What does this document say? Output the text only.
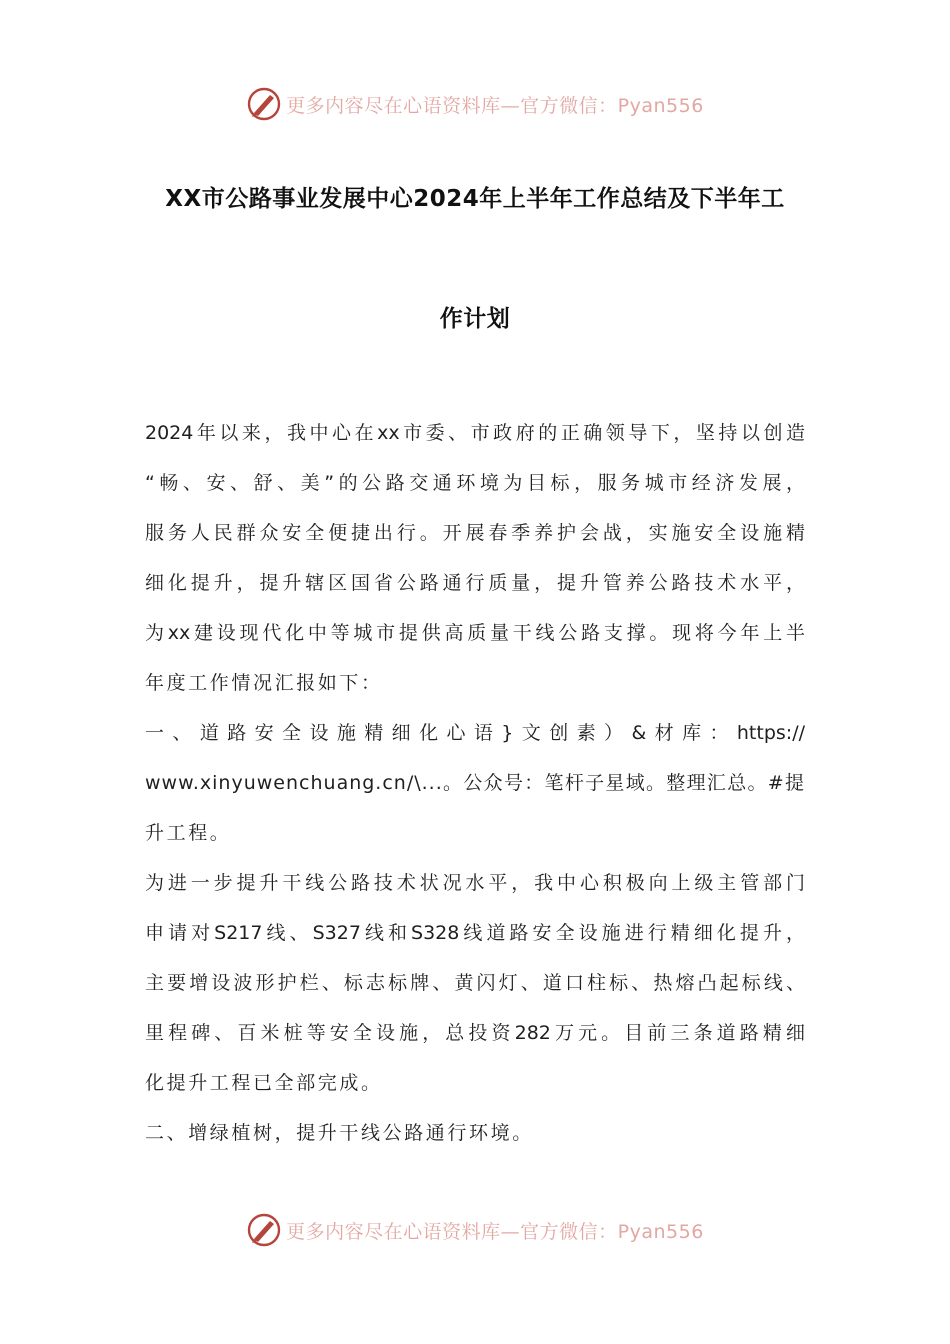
更多内容尽在心语资料库—官方微信：Pyan556
XX市公路事业发展中心2024年上半年工作总结及下半年工
作计划
2024年以来，我中心在xx市委、市政府的正确领导下，坚持以创造
“畅、安、舒、美”的公路交通环境为目标，服务城市经济发展，
服务人民群众安全便捷出行。开展春季养护会战，实施安全设施精
细化提升，提升辖区国省公路通行质量，提升管养公路技术水平，
为xx建设现代化中等城市提供高质量干线公路支撑。现将今年上半
年度工作情况汇报如下：
一、道路安全设施精细化心语}文创素）&材库：https://
www.xinyuwenchuang.cn/\...。公众号：笔杆子星域。整理汇总。#提
升工程。
为进一步提升干线公路技术状况水平，我中心积极向上级主管部门
申请对S217线、S327线和S328线道路安全设施进行精细化提升，
主要增设波形护栏、标志标牌、黄闪灯、道口柱标、热熔凸起标线、
里程碑、百米桩等安全设施，总投资282万元。目前三条道路精细
化提升工程已全部完成。
二、增绿植树，提升干线公路通行环境。
更多内容尽在心语资料库—官方微信：Pyan556
